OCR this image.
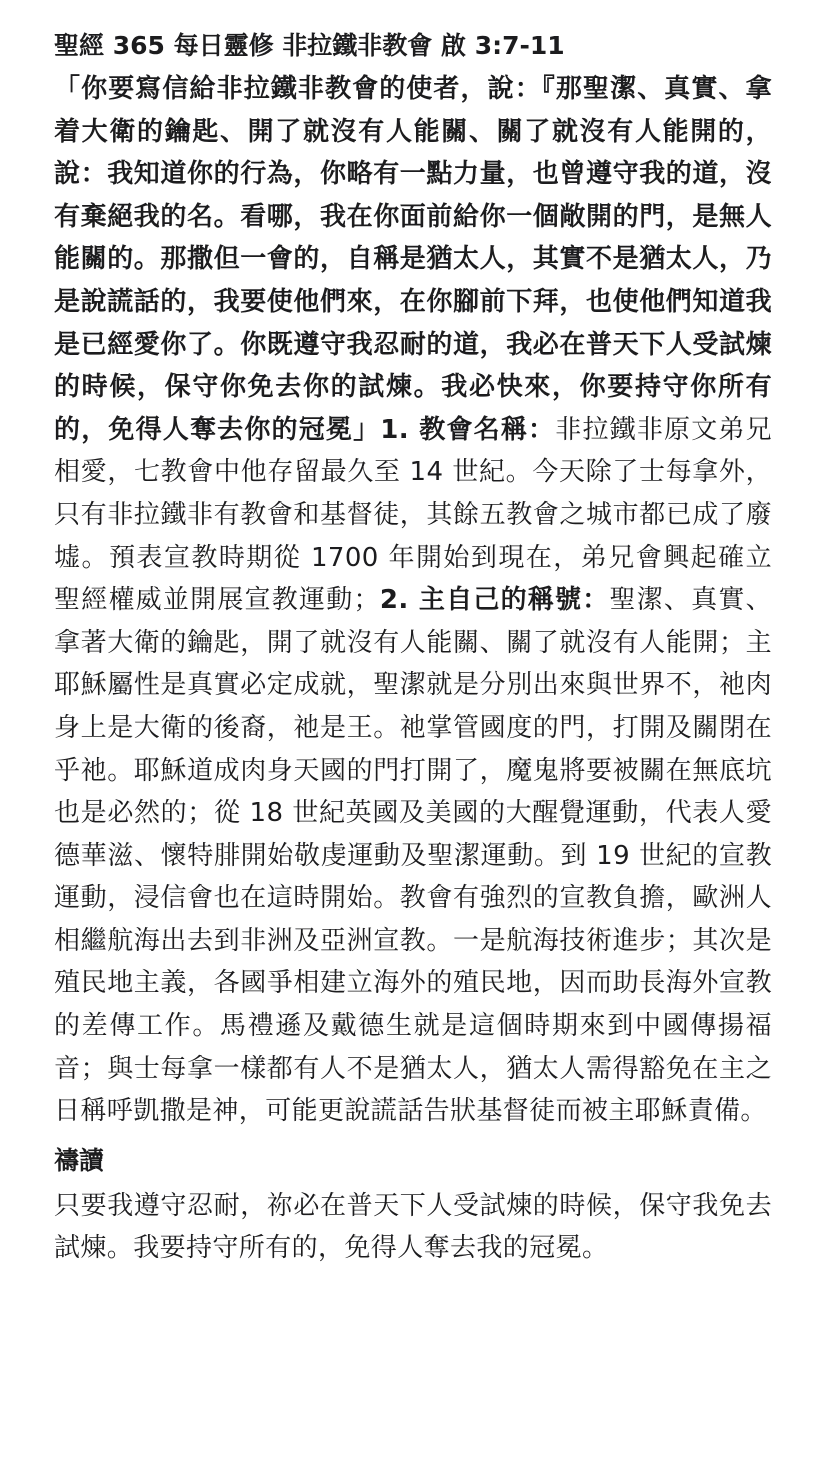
聖經 365 每日靈修 非拉鐵非教會 啟 3:7-11

「你要寫信給非拉鐵非教會的使者，說：『那聖潔、真實、拿着大衛的鑰匙、開了就沒有人能關、關了就沒有人能開的，說：我知道你的行為，你略有一點力量，也曾遵守我的道，沒有棄絕我的名。看哪，我在你面前給你一個敞開的門，是無人能關的。那撒但一會的，自稱是猶太人，其實不是猶太人，乃是說謊話的，我要使他們來，在你腳前下拜，也使他們知道我是已經愛你了。你既遵守我忍耐的道，我必在普天下人受試煉的時候，保守你免去你的試煉。我必快來，你要持守你所有的，免得人奪去你的冠冕」1. 教會名稱：非拉鐵非原文弟兄相愛，七教會中他存留最久至 14 世紀。今天除了士每拿外，只有非拉鐵非有教會和基督徒，其餘五教會之城市都已成了廢墟。預表宣教時期從 1700 年開始到現在，弟兄會興起確立聖經權威並開展宣教運動；2. 主自己的稱號：聖潔、真實、拿著大衛的鑰匙，開了就沒有人能關、關了就沒有人能開；主耶穌屬性是真實必定成就，聖潔就是分別出來與世界不，祂肉身上是大衛的後裔，祂是王。祂掌管國度的門，打開及關閉在乎祂。耶穌道成肉身天國的門打開了，魔鬼將要被關在無底坑也是必然的；從 18 世紀英國及美國的大醒覺運動，代表人愛德華滋、懷特腓開始敬虔運動及聖潔運動。到 19 世紀的宣教運動，浸信會也在這時開始。教會有強烈的宣教負擔，歐洲人相繼航海出去到非洲及亞洲宣教。一是航海技術進步；其次是殖民地主義，各國爭相建立海外的殖民地，因而助長海外宣教的差傳工作。馬禮遜及戴德生就是這個時期來到中國傳揚福音；與士每拿一樣都有人不是猶太人，猶太人需得豁免在主之日稱呼凱撒是神，可能更說謊話告狀基督徒而被主耶穌責備。

禱讀

只要我遵守忍耐，祢必在普天下人受試煉的時候，保守我免去試煉。我要持守所有的，免得人奪去我的冠冕。
